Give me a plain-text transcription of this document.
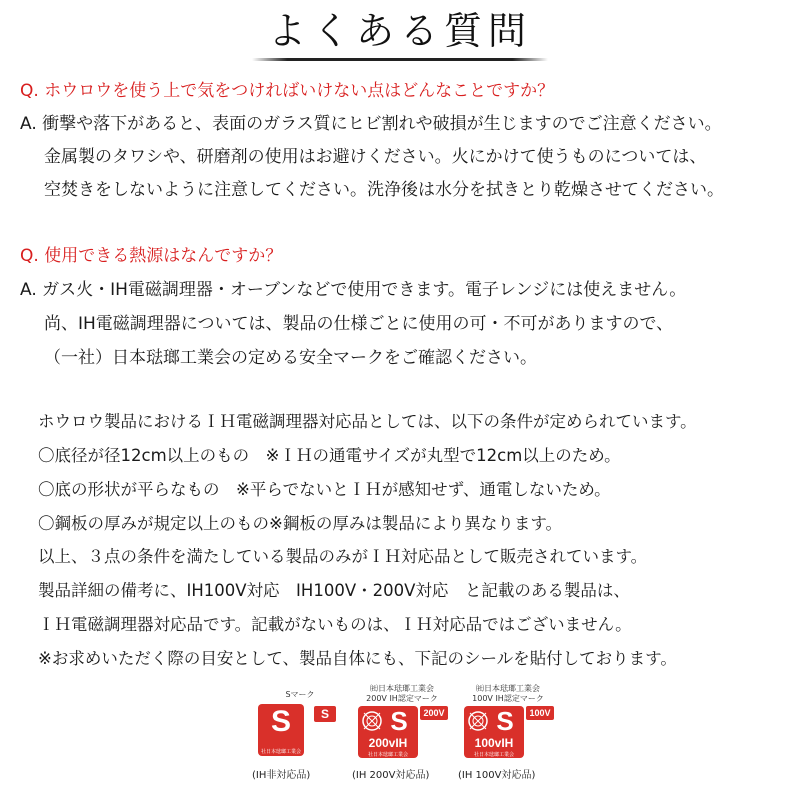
よくある質問
Q. ホウロウを使う上で気をつければいけない点はどんなことですか？
A. 衝撃や落下があると、表面のガラス質にヒビ割れや破損が生じますのでご注意ください。
金属製のタワシや、研磨剤の使用はお避けください。火にかけて使うものについては、
空焚きをしないように注意してください。洗浄後は水分を拭きとり乾燥させてください。
Q. 使用できる熱源はなんですか？
A. ガス火・IH電磁調理器・オーブンなどで使用できます。電子レンジには使えません。
尚、IH電磁調理器については、製品の仕様ごとに使用の可・不可がありますので、
（一社）日本琺瑯工業会の定める安全マークをご確認ください。
ホウロウ製品におけるＩＨ電磁調理器対応品としては、以下の条件が定められています。
〇底径が径12cm以上のもの　※ＩＨの通電サイズが丸型で12cm以上のため。
〇底の形状が平らなもの　※平らでないとＩＨが感知せず、通電しないため。
〇鋼板の厚みが規定以上のもの※鋼板の厚みは製品により異なります。
以上、３点の条件を満たしている製品のみがＩＨ対応品として販売されています。
製品詳細の備考に、IH100V対応　IH100V・200V対応　と記載のある製品は、
ＩＨ電磁調理器対応品です。記載がないものは、ＩＨ対応品ではございません。
※お求めいただく際の目安として、製品自体にも、下記のシールを貼付しております。
Sマーク
S
社日本琺瑯工業会
S
(IH非対応品)
㈳日本琺瑯工業会
200V IH認定マーク
S
200vIH
社日本琺瑯工業会
200V
(IH 200V対応品)
㈳日本琺瑯工業会
100V IH認定マーク
S
100vIH
社日本琺瑯工業会
100V
(IH 100V対応品)
